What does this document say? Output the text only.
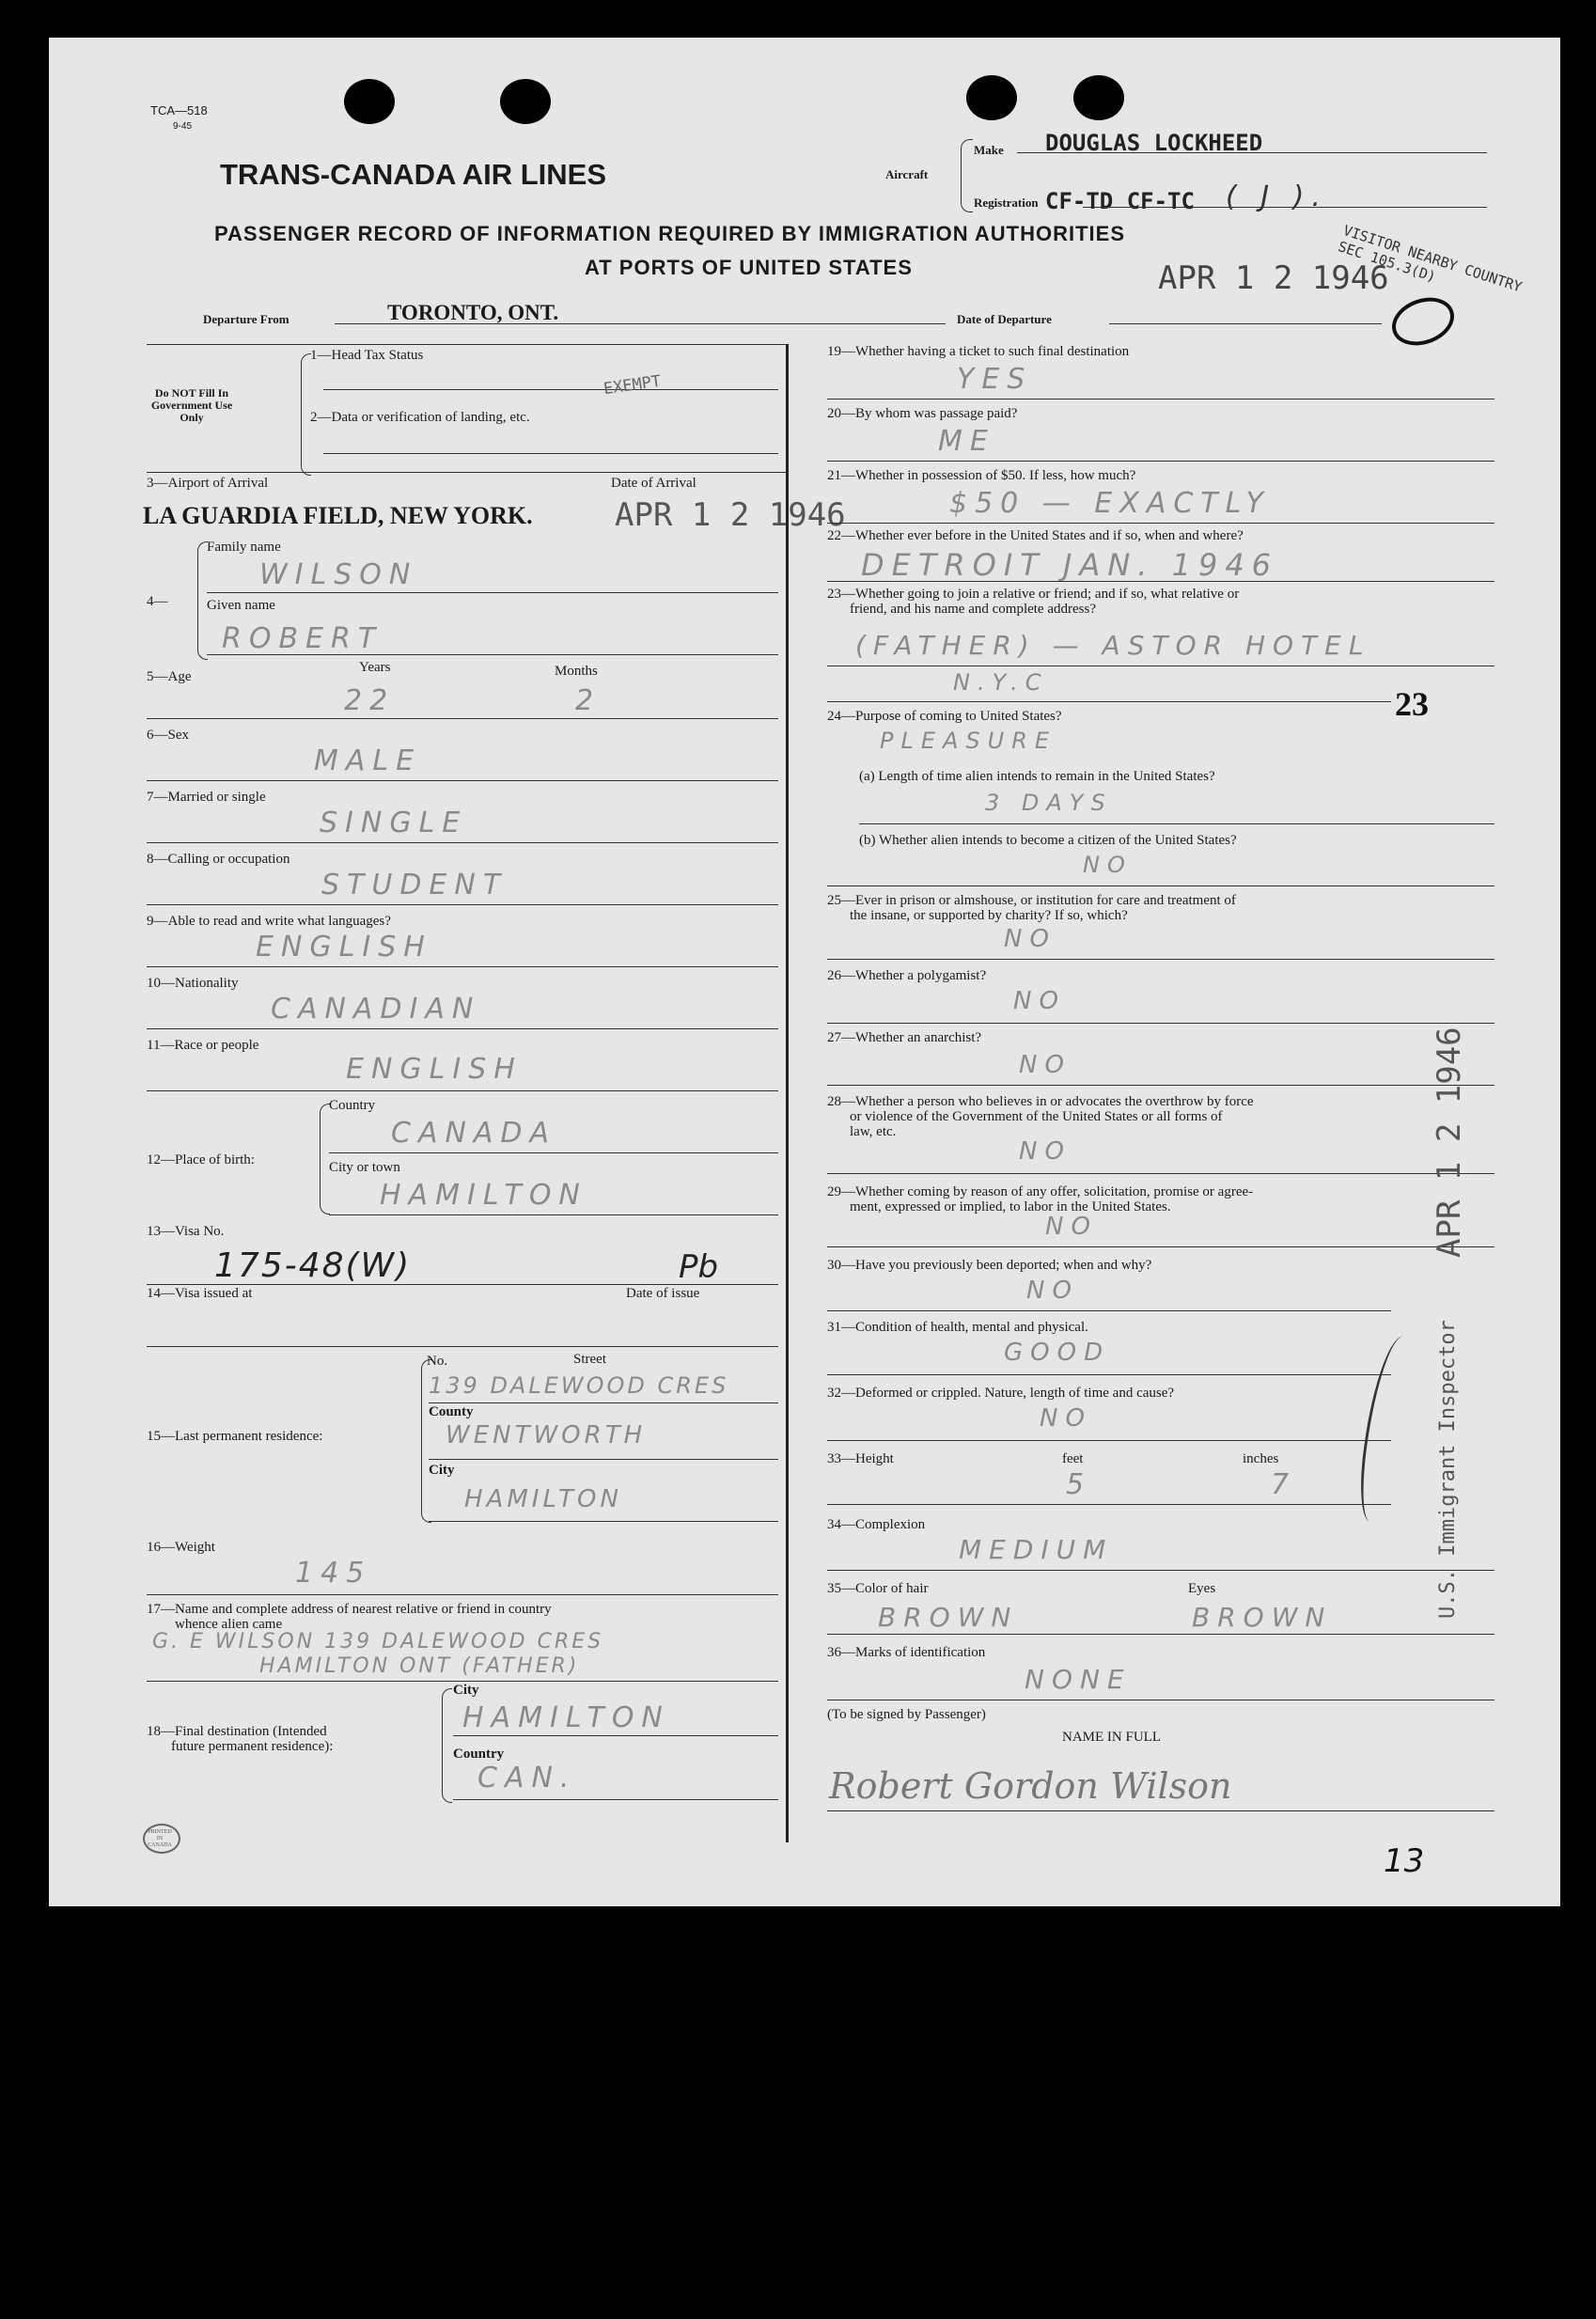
TCA—518
9-45
TRANS-CANADA AIR LINES	Aircraft
Make DOUGLAS LOCKHEED
Registration CF-TD CF-TC ( J ).
PASSENGER RECORD OF INFORMATION REQUIRED BY IMMIGRATION AUTHORITIES
AT PORTS OF UNITED STATES	APR 1 2 1946
VISITOR NEARBY COUNTRY SEC 105.3(D)
Departure From	TORONTO, ONT.	Date of Departure
Do NOT Fill In Government Use Only
1—Head Tax Status
2—Data or verification of landing, etc.
EXEMPT
3—Airport of Arrival	Date of Arrival
LA GUARDIA FIELD, NEW YORK.	APR 1 2 1946
4—
Family name
WILSON
Given name
ROBERT
Years	Months
5—Age
22	2
6—Sex
MALE
7—Married or single
SINGLE
8—Calling or occupation
STUDENT
9—Able to read and write what languages?
ENGLISH
10—Nationality
CANADIAN
11—Race or people
ENGLISH
Country
CANADA
12—Place of birth:	City or town
HAMILTON
13—Visa No.
175-48(W)	Pb
14—Visa issued at	Date of issue
No.	Street
139 DALEWOOD CRES
County
15—Last permanent residence:	WENTWORTH
City
HAMILTON
16—Weight
145
17—Name and complete address of nearest relative or friend in country
whence alien came
G. E WILSON 139 DALEWOOD CRES
HAMILTON ONT (FATHER)
City
HAMILTON
18—Final destination (Intended
future permanent residence):	Country
CAN.
PRINTED IN CANADA
19—Whether having a ticket to such final destination
YES
20—By whom was passage paid?
ME
21—Whether in possession of $50. If less, how much?
$50 — EXACTLY
22—Whether ever before in the United States and if so, when and where?
DETROIT JAN. 1946
23—Whether going to join a relative or friend; and if so, what relative or
friend, and his name and complete address?
(FATHER) — ASTOR HOTEL
N.Y.C
23
24—Purpose of coming to United States?
PLEASURE
(a) Length of time alien intends to remain in the United States?
3 DAYS
(b) Whether alien intends to become a citizen of the United States?
NO
25—Ever in prison or almshouse, or institution for care and treatment of
the insane, or supported by charity? If so, which?
NO
26—Whether a polygamist?
NO
27—Whether an anarchist?
NO
28—Whether a person who believes in or advocates the overthrow by force
or violence of the Government of the United States or all forms of
law, etc.
NO
29—Whether coming by reason of any offer, solicitation, promise or agree-
ment, expressed or implied, to labor in the United States.
NO
30—Have you previously been deported; when and why?
NO
31—Condition of health, mental and physical.
GOOD
32—Deformed or crippled. Nature, length of time and cause?
NO
33—Height	feet	inches
5	7
34—Complexion
MEDIUM
35—Color of hair	Eyes
BROWN	BROWN
36—Marks of identification
NONE
(To be signed by Passenger)
NAME IN FULL
Robert Gordon Wilson
APR 1 2 1946
U.S. Immigrant Inspector
13
